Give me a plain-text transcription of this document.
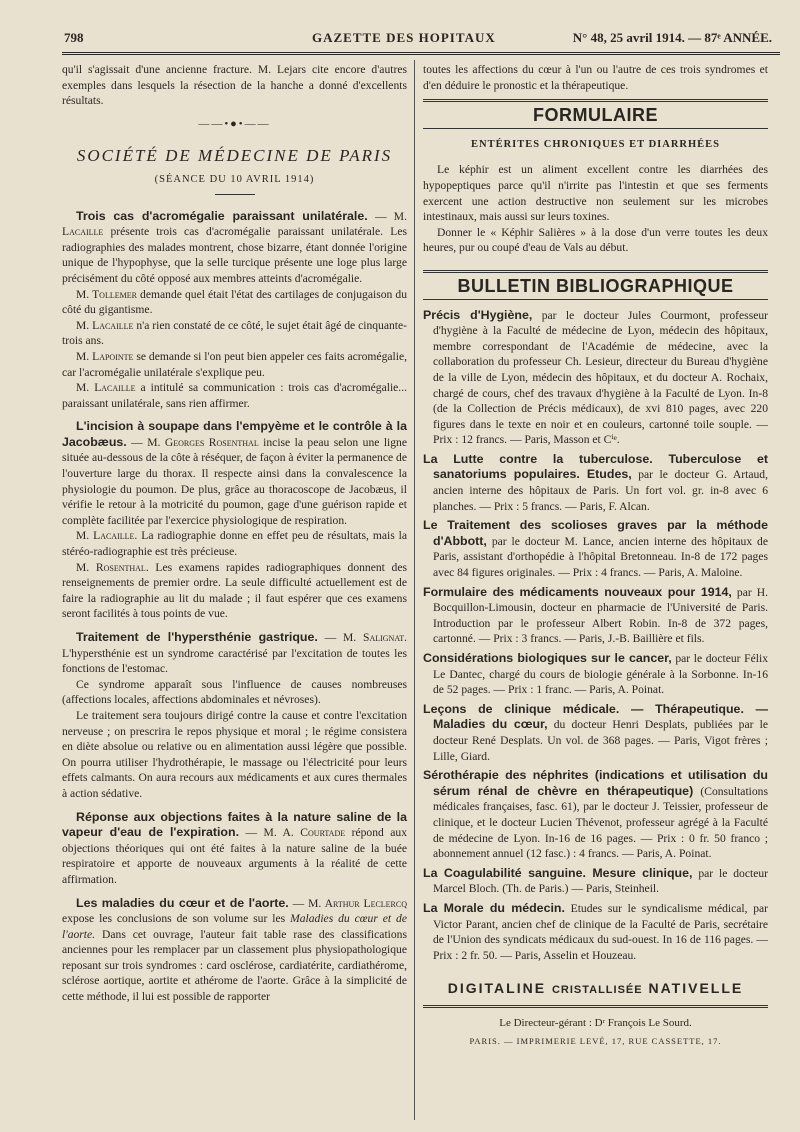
798	GAZETTE DES HOPITAUX	N° 48, 25 avril 1914. — 87ᵉ ANNÉE.

qu'il s'agissait d'une ancienne fracture. M. Lejars cite encore d'autres exemples dans lesquels la résection de la hanche a donné d'excellents résultats.

——•●•——
SOCIÉTÉ DE MÉDECINE DE PARIS
(SÉANCE DU 10 AVRIL 1914)

Trois cas d'acromégalie paraissant unilatérale. — M. Lacaille présente trois cas d'acromégalie paraissant unilatérale. Les radiographies des malades montrent, chose bizarre, étant donnée l'origine unique de l'hypophyse, que la selle turcique présente une loge plus large précisément du côté opposé aux membres atteints d'acromégalie.

M. Tollemer demande quel était l'état des cartilages de conjugaison du côté du gigantisme.

M. Lacaille n'a rien constaté de ce côté, le sujet était âgé de cinquante-trois ans.

M. Lapointe se demande si l'on peut bien appeler ces faits acromégalie, car l'acromégalie unilatérale s'explique peu.

M. Lacaille a intitulé sa communication : trois cas d'acromégalie... paraissant unilatérale, sans rien affirmer.

L'incision à soupape dans l'empyème et le contrôle à la Jacobæus. — M. Georges Rosenthal incise la peau selon une ligne située au-dessous de la côte à réséquer, de façon à éviter la permanence de l'ouverture large du thorax. Il respecte ainsi dans la convalescence la physiologie du poumon. De plus, grâce au thoracoscope de Jacobæus, il vérifie le retour à la motricité du poumon, gage d'une guérison rapide et complète facilitée par l'exercice physiologique de respiration.

M. Lacaille. La radiographie donne en effet peu de résultats, mais la stéréo-radiographie est très précieuse.

M. Rosenthal. Les examens rapides radiographiques donnent des renseignements de premier ordre. La seule difficulté actuellement est de faire la radiographie au lit du malade ; il faut espérer que ces examens seront facilités à tous points de vue.

Traitement de l'hypersthénie gastrique. — M. Salignat. L'hypersthénie est un syndrome caractérisé par l'excitation de toutes les fonctions de l'estomac.

Ce syndrome apparaît sous l'influence de causes nombreuses (affections locales, affections abdominales et névroses).

Le traitement sera toujours dirigé contre la cause et contre l'excitation nerveuse ; on prescrira le repos physique et moral ; le régime consistera en diète absolue ou relative ou en alimentation aussi légère que possible. On pourra utiliser l'hydrothérapie, le massage ou l'électricité pour leurs effets calmants. On aura recours aux médicaments et aux cures thermales à action sédative.

Réponse aux objections faites à la nature saline de la vapeur d'eau de l'expiration. — M. A. Courtade répond aux objections théoriques qui ont été faites à la nature saline de la buée respiratoire et apporte de nouveaux arguments à la réalité de cette affirmation.

Les maladies du cœur et de l'aorte. — M. Arthur Leclercq expose les conclusions de son volume sur les Maladies du cœur et de l'aorte. Dans cet ouvrage, l'auteur fait table rase des classifications anciennes pour les remplacer par un classement plus physiopathologique reposant sur trois syndromes : card osclérose, cardiatérite, cardiathérome, sclérose aortique, aortite et athérome de l'aorte. Grâce à la simplicité de cette méthode, il lui est possible de rapporter

toutes les affections du cœur à l'un ou l'autre de ces trois syndromes et d'en déduire le pronostic et la thérapeutique.

FORMULAIRE
ENTÉRITES CHRONIQUES ET DIARRHÉES

Le képhir est un aliment excellent contre les diarrhées des hypopeptiques parce qu'il n'irrite pas l'intestin et que ses ferments exercent une action destructive non seulement sur les microbes intestinaux, mais aussi sur leurs toxines.

Donner le « Képhir Salières » à la dose d'un verre toutes les deux heures, pur ou coupé d'eau de Vals au début.

BULLETIN BIBLIOGRAPHIQUE

Précis d'Hygiène, par le docteur Jules Courmont, professeur d'hygiène à la Faculté de médecine de Lyon, médecin des hôpitaux, membre correspondant de l'Académie de médecine, avec la collaboration du professeur Ch. Lesieur, directeur du Bureau d'hygiène de la ville de Lyon, médecin des hôpitaux, et du docteur A. Rochaix, chargé de cours, chef des travaux d'hygiène à la Faculté de Lyon. In-8 (de la Collection de Précis médicaux), de xvi 810 pages, avec 220 figures dans le texte en noir et en couleurs, cartonné toile souple. — Prix : 12 francs. — Paris, Masson et Cⁱᵉ.

La Lutte contre la tuberculose. Tuberculose et sanatoriums populaires. Etudes, par le docteur G. Artaud, ancien interne des hôpitaux de Paris. Un fort vol. gr. in-8 avec 6 planches. — Prix : 5 francs. — Paris, F. Alcan.

Le Traitement des scolioses graves par la méthode d'Abbott, par le docteur M. Lance, ancien interne des hôpitaux de Paris, assistant d'orthopédie à l'hôpital Bretonneau. In-8 de 172 pages avec 84 figures originales. — Prix : 4 francs. — Paris, A. Maloine.

Formulaire des médicaments nouveaux pour 1914, par H. Bocquillon-Limousin, docteur en pharmacie de l'Université de Paris. Introduction par le professeur Albert Robin. In-8 de 372 pages, cartonné. — Prix : 3 francs. — Paris, J.-B. Baillière et fils.

Considérations biologiques sur le cancer, par le docteur Félix Le Dantec, chargé du cours de biologie générale à la Sorbonne. In-16 de 52 pages. — Prix : 1 franc. — Paris, A. Poinat.

Leçons de clinique médicale. — Thérapeutique. — Maladies du cœur, du docteur Henri Desplats, publiées par le docteur René Desplats. Un vol. de 368 pages. — Paris, Vigot frères ; Lille, Giard.

Sérothérapie des néphrites (indications et utilisation du sérum rénal de chèvre en thérapeutique) (Consultations médicales françaises, fasc. 61), par le docteur J. Teissier, professeur de clinique, et le docteur Lucien Thévenot, professeur agrégé à la Faculté de médecine de Lyon. In-16 de 16 pages. — Prix : 0 fr. 50 franco ; abonnement annuel (12 fasc.) : 4 francs. — Paris, A. Poinat.

La Coagulabilité sanguine. Mesure clinique, par le docteur Marcel Bloch. (Th. de Paris.) — Paris, Steinheil.

La Morale du médecin. Etudes sur le syndicalisme médical, par Victor Parant, ancien chef de clinique de la Faculté de Paris, secrétaire de l'Union des syndicats médicaux du sud-ouest. In 16 de 116 pages. — Prix : 2 fr. 50. — Paris, Asselin et Houzeau.

DIGITALINE CRISTALLISÉE NATIVELLE
Le Directeur-gérant : Dʳ François Le Sourd.
PARIS. — IMPRIMERIE LEVÉ, 17, RUE CASSETTE, 17.
